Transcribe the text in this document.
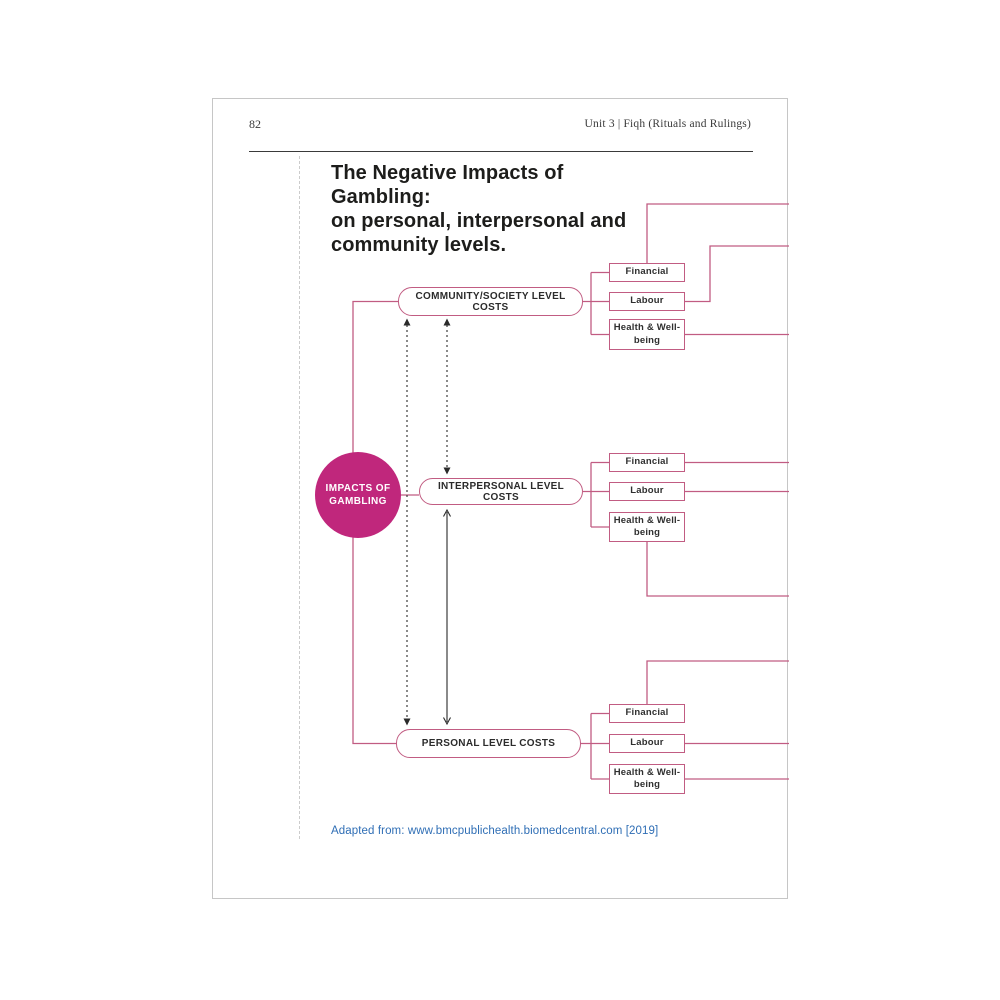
82	Unit 3 | Fiqh (Rituals and Rulings)
The Negative Impacts of Gambling:
on personal, interpersonal and
community levels.
IMPACTS OF GAMBLING
COMMUNITY/SOCIETY LEVEL COSTS
INTERPERSONAL LEVEL COSTS
PERSONAL LEVEL COSTS
Financial
Labour
Health & Well-being
Financial
Labour
Health & Well-being
Financial
Labour
Health & Well-being
Adapted from: www.bmcpublichealth.biomedcentral.com [2019]
